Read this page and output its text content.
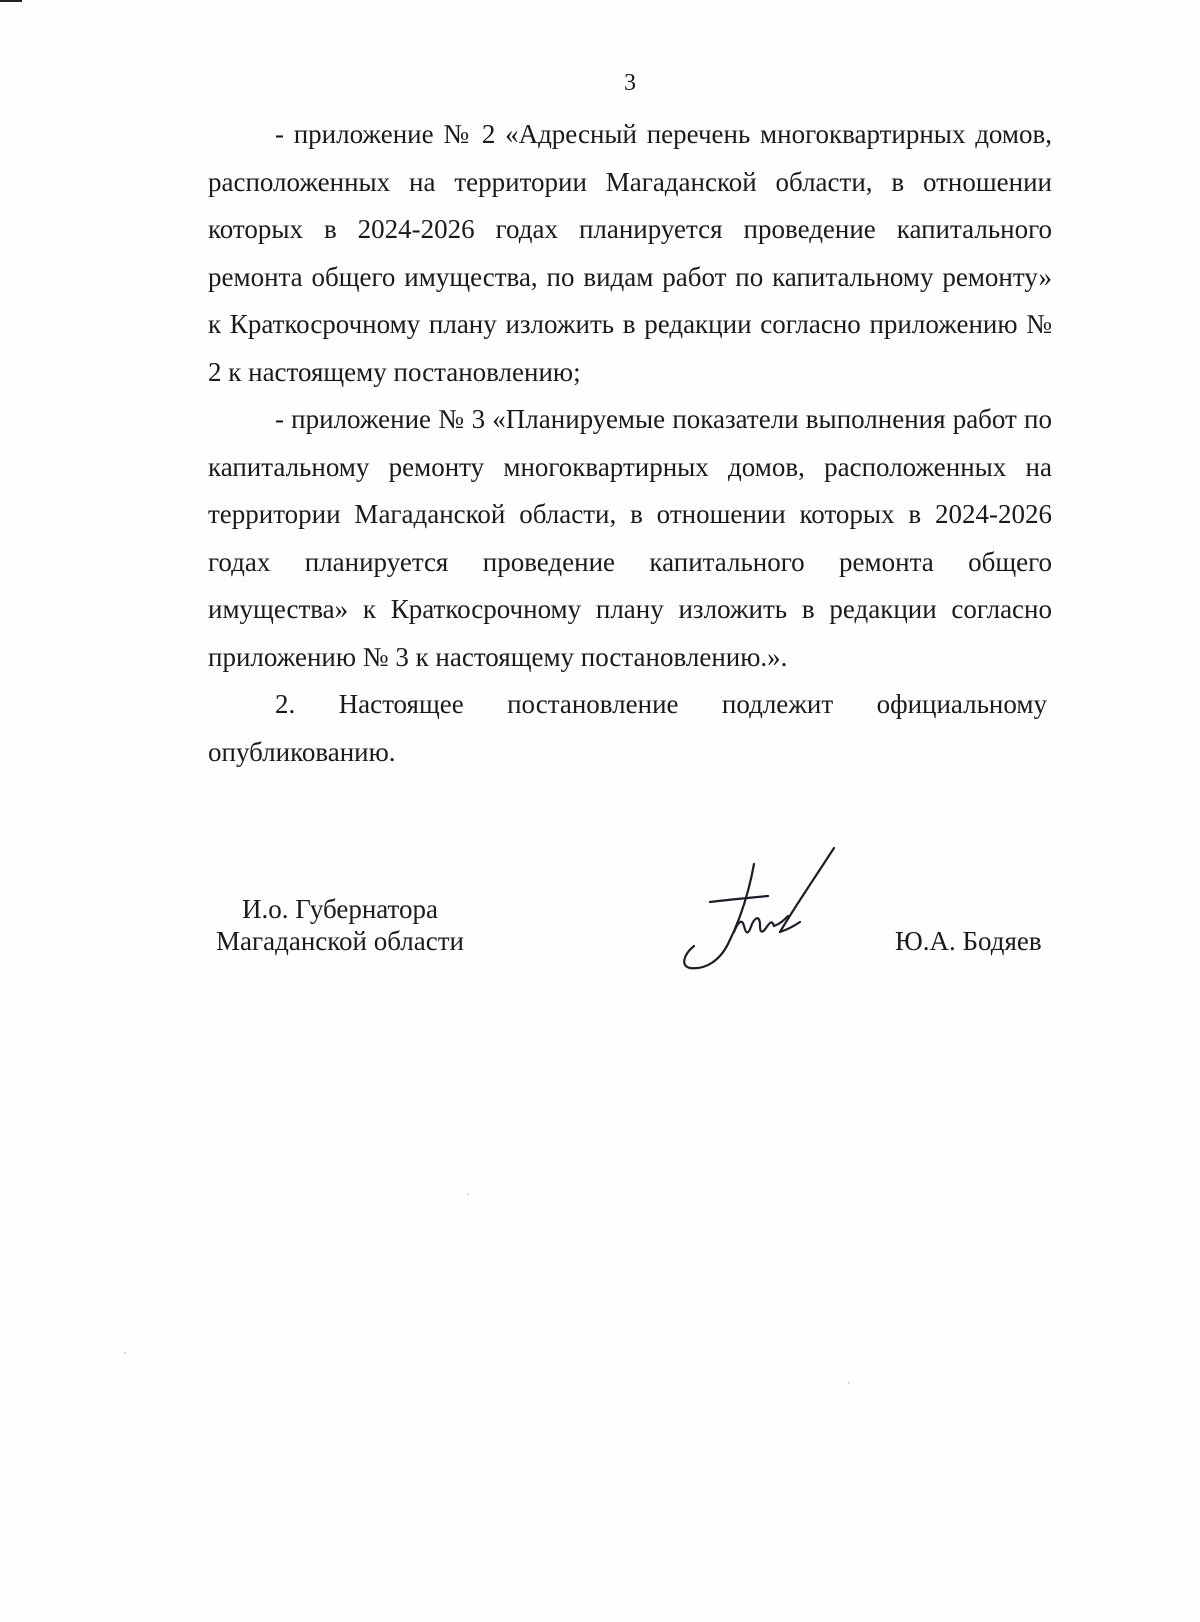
3

- приложение № 2 «Адресный перечень многоквартирных домов, расположенных на территории Магаданской области, в отношении которых в 2024-2026 годах планируется проведение капитального ремонта общего имущества, по видам работ по капитальному ремонту» к Краткосрочному плану изложить в редакции согласно приложению № 2 к настоящему постановлению;

- приложение № 3 «Планируемые показатели выполнения работ по капитальному ремонту многоквартирных домов, расположенных на территории Магаданской области, в отношении которых в 2024-2026 годах планируется проведение капитального ремонта общего имущества» к Краткосрочному плану изложить в редакции согласно приложению № 3 к настоящему постановлению.».

2. Настоящее постановление подлежит официальному

опубликованию.

И.о. Губернатора
Магаданской области	Ю.А. Бодяев
